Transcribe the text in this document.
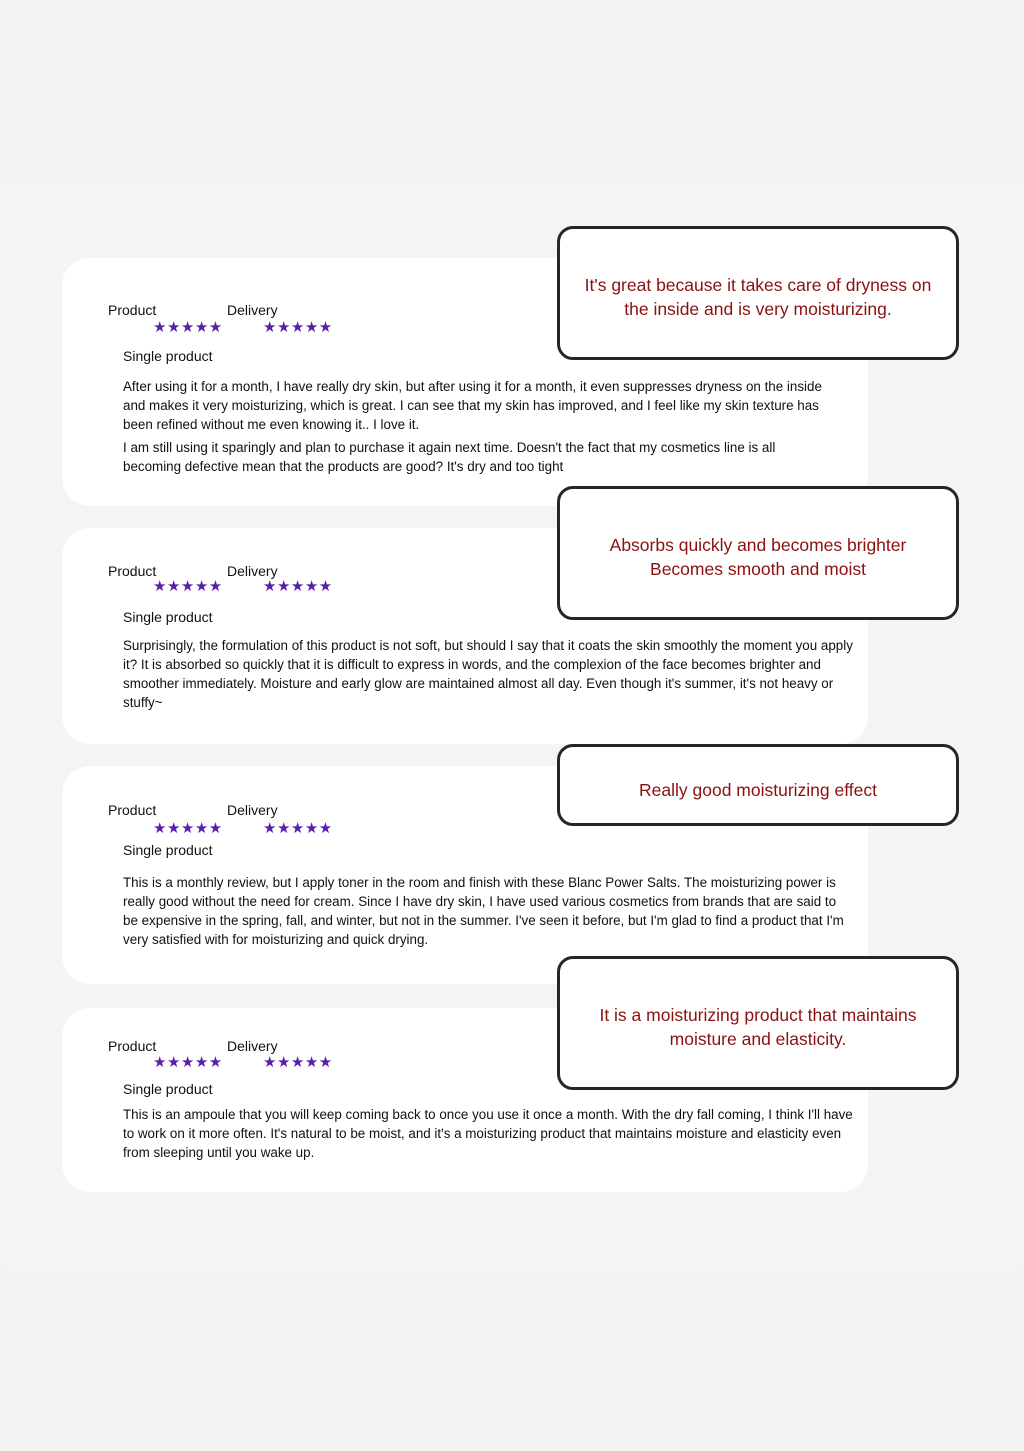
Product	Delivery
★★★★★	★★★★★
Single product

After using it for a month, I have really dry skin, but after using it for a month, it even suppresses dryness on the inside and makes it very moisturizing, which is great. I can see that my skin has improved, and I feel like my skin texture has been refined without me even knowing it.. I love it.

I am still using it sparingly and plan to purchase it again next time. Doesn't the fact that my cosmetics line is all becoming defective mean that the products are good? It's dry and too tight

It's great because it takes care of dryness on
the inside and is very moisturizing.
Product	Delivery
★★★★★	★★★★★
Single product

Surprisingly, the formulation of this product is not soft, but should I say that it coats the skin smoothly the moment you apply it? It is absorbed so quickly that it is difficult to express in words, and the complexion of the face becomes brighter and smoother immediately. Moisture and early glow are maintained almost all day. Even though it's summer, it's not heavy or stuffy~

Absorbs quickly and becomes brighter
Becomes smooth and moist
Product	Delivery
★★★★★	★★★★★
Single product

This is a monthly review, but I apply toner in the room and finish with these Blanc Power Salts. The moisturizing power is really good without the need for cream. Since I have dry skin, I have used various cosmetics from brands that are said to be expensive in the spring, fall, and winter, but not in the summer. I've seen it before, but I'm glad to find a product that I'm very satisfied with for moisturizing and quick drying.

Really good moisturizing effect
Product	Delivery
★★★★★	★★★★★
Single product

This is an ampoule that you will keep coming back to once you use it once a month. With the dry fall coming, I think I'll have to work on it more often. It's natural to be moist, and it's a moisturizing product that maintains moisture and elasticity even from sleeping until you wake up.

It is a moisturizing product that maintains
moisture and elasticity.
